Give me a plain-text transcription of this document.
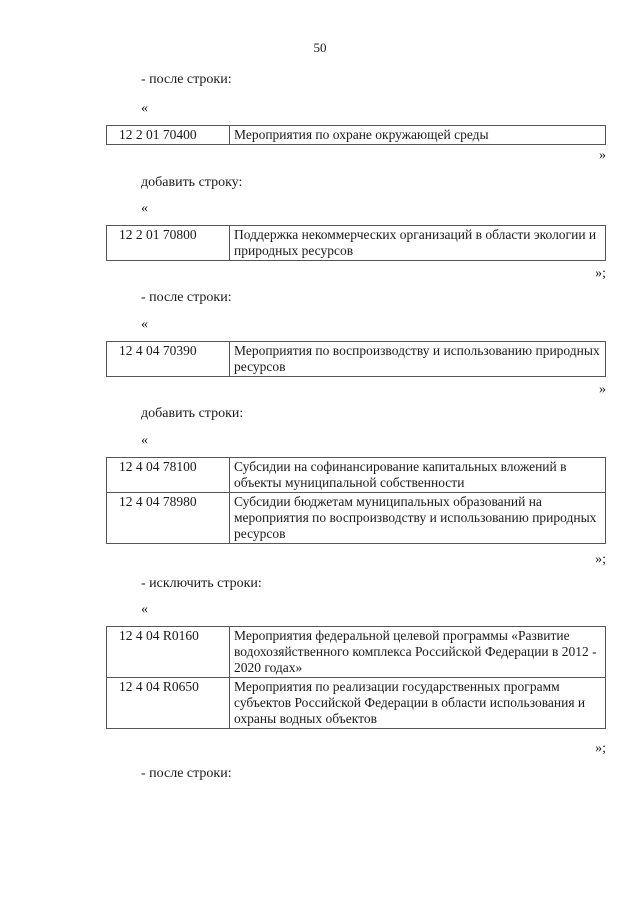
50
- после строки:
«
12 2 01 70400	Мероприятия по охране окружающей среды
»
добавить строку:
«
12 2 01 70800	Поддержка некоммерческих организаций в области экологии и природных ресурсов
»;
- после строки:
«
12 4 04 70390	Мероприятия по воспроизводству и использованию природных ресурсов
»
добавить строки:
«
12 4 04 78100	Субсидии на софинансирование капитальных вложений в объекты муниципальной собственности
12 4 04 78980	Субсидии бюджетам муниципальных образований на мероприятия по воспроизводству и использованию природных ресурсов
»;
- исключить строки:
«
12 4 04 R0160	Мероприятия федеральной целевой программы «Развитие водохозяйственного комплекса Российской Федерации в 2012 - 2020 годах»
12 4 04 R0650	Мероприятия по реализации государственных программ субъектов Российской Федерации в области использования и охраны водных объектов
»;
- после строки:
